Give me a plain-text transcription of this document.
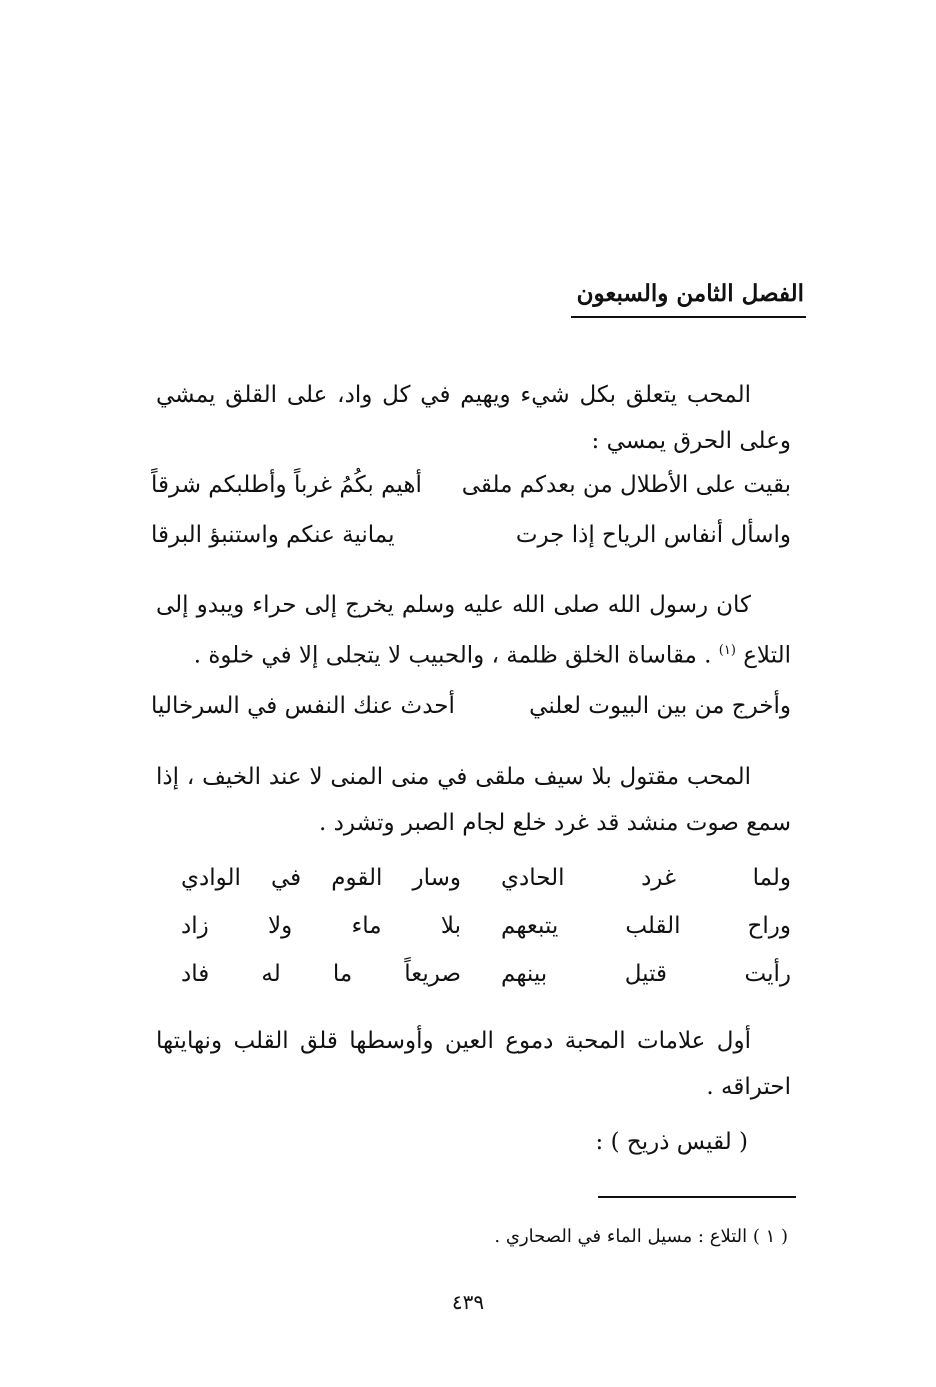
الفصل الثامن والسبعون
المحب يتعلق بكل شيء ويهيم في كل واد، على القلق يمشي وعلى الحرق يمسي :
بقيت على الأطلال من بعدكم ملقى
أهيم بكُمُ غرباً وأطلبكم شرقاً
واسأل أنفاس الرياح إذا جرت
يمانية عنكم واستنبؤ البرقا
كان رسول الله صلى الله عليه وسلم يخرج إلى حراء ويبدو إلى التلاع $^{(١)}$ . مقاساة الخلق ظلمة ، والحبيب لا يتجلى إلا في خلوة .
وأخرج من بين البيوت لعلني
أحدث عنك النفس في السرخاليا
المحب مقتول بلا سيف ملقى في منى المنى لا عند الخيف ، إذا سمع صوت منشد قد غرد خلع لجام الصبر وتشرد .
ولما
غرد
الحادي
وسار
القوم
في
الوادي
وراح
القلب
يتبعهم
بلا
ماء
ولا
زاد
رأيت
قتيل
بينهم
صريعاً
ما
له
فاد
أول علامات المحبة دموع العين وأوسطها قلق القلب ونهايتها احتراقه .
( لقيس ذريح ) :
( ١ ) التلاع : مسيل الماء في الصحاري .
٤٣٩
